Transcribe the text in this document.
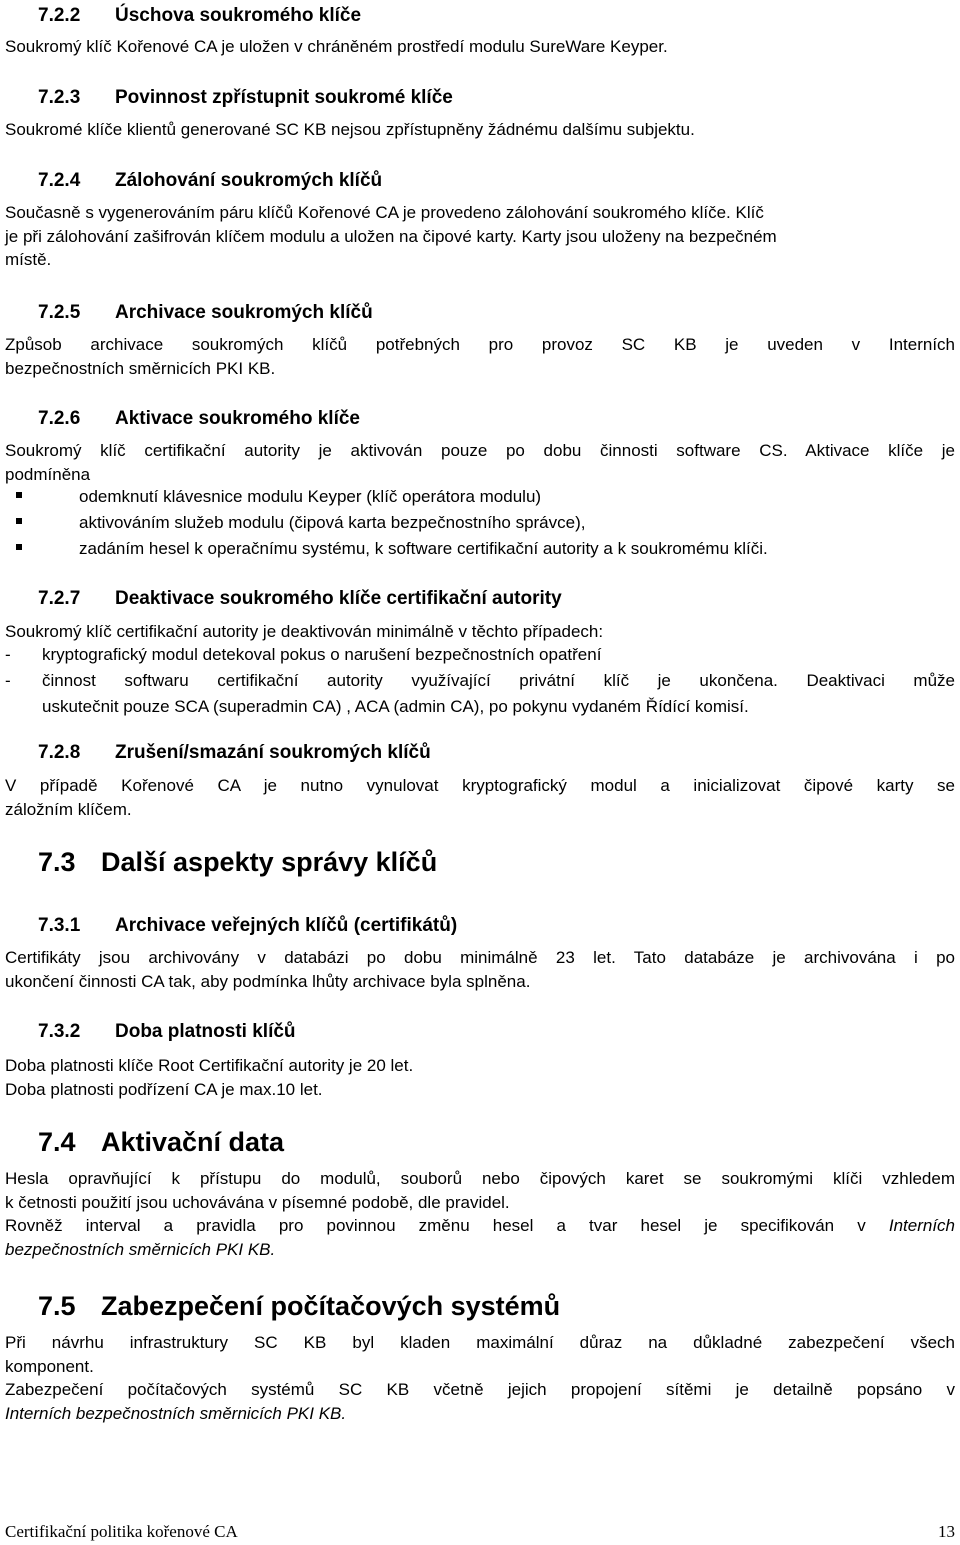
7.2.2 Úschova soukromého klíče
Soukromý klíč Kořenové CA je uložen v chráněném prostředí modulu SureWare Keyper.
7.2.3 Povinnost zpřístupnit soukromé klíče
Soukromé klíče klientů generované SC KB nejsou zpřístupněny žádnému dalšímu subjektu.
7.2.4 Zálohování soukromých klíčů
Současně s vygenerováním páru klíčů Kořenové CA je provedeno zálohování soukromého klíče. Klíč
je při zálohování zašifrován klíčem modulu a uložen na čipové karty. Karty jsou uloženy na bezpečném
místě.
7.2.5 Archivace soukromých klíčů
Způsob archivace soukromých klíčů potřebných pro provoz SC KB je uveden v Interních
bezpečnostních směrnicích PKI KB.
7.2.6 Aktivace soukromého klíče
Soukromý klíč certifikační autority je aktivován pouze po dobu činnosti software CS. Aktivace klíče je
podmíněna
odemknutí klávesnice modulu Keyper (klíč operátora modulu)
aktivováním služeb modulu (čipová karta bezpečnostního správce),
zadáním hesel k operačnímu systému, k software certifikační autority a k soukromému klíči.
7.2.7 Deaktivace soukromého klíče certifikační autority
Soukromý klíč certifikační autority je deaktivován minimálně v těchto případech:
- kryptografický modul detekoval pokus o narušení bezpečnostních opatření
- činnost softwaru certifikační autority využívající privátní klíč je ukončena. Deaktivaci může
uskutečnit pouze SCA (superadmin CA) , ACA (admin CA), po pokynu vydaném Řídící komisí.
7.2.8 Zrušení/smazání soukromých klíčů
V případě Kořenové CA je nutno vynulovat kryptografický modul a inicializovat čipové karty se
záložním klíčem.
7.3 Další aspekty správy klíčů
7.3.1 Archivace veřejných klíčů (certifikátů)
Certifikáty jsou archivovány v databázi po dobu minimálně 23 let. Tato databáze je archivována i po
ukončení činnosti CA tak, aby podmínka lhůty archivace byla splněna.
7.3.2 Doba platnosti klíčů
Doba platnosti klíče Root Certifikační autority je 20 let.
Doba platnosti podřízení CA je max.10 let.
7.4 Aktivační data
Hesla opravňující k přístupu do modulů, souborů nebo čipových karet se soukromými klíči vzhledem
k četnosti použití jsou uchovávána v písemné podobě, dle pravidel.
Rovněž interval a pravidla pro povinnou změnu hesel a tvar hesel je specifikován v Interních
bezpečnostních směrnicích PKI KB.
7.5 Zabezpečení počítačových systémů
Při návrhu infrastruktury SC KB byl kladen maximální důraz na důkladné zabezpečení všech
komponent.
Zabezpečení počítačových systémů SC KB včetně jejich propojení sítěmi je detailně popsáno v
Interních bezpečnostních směrnicích PKI KB.
Certifikační politika kořenové CA	13
